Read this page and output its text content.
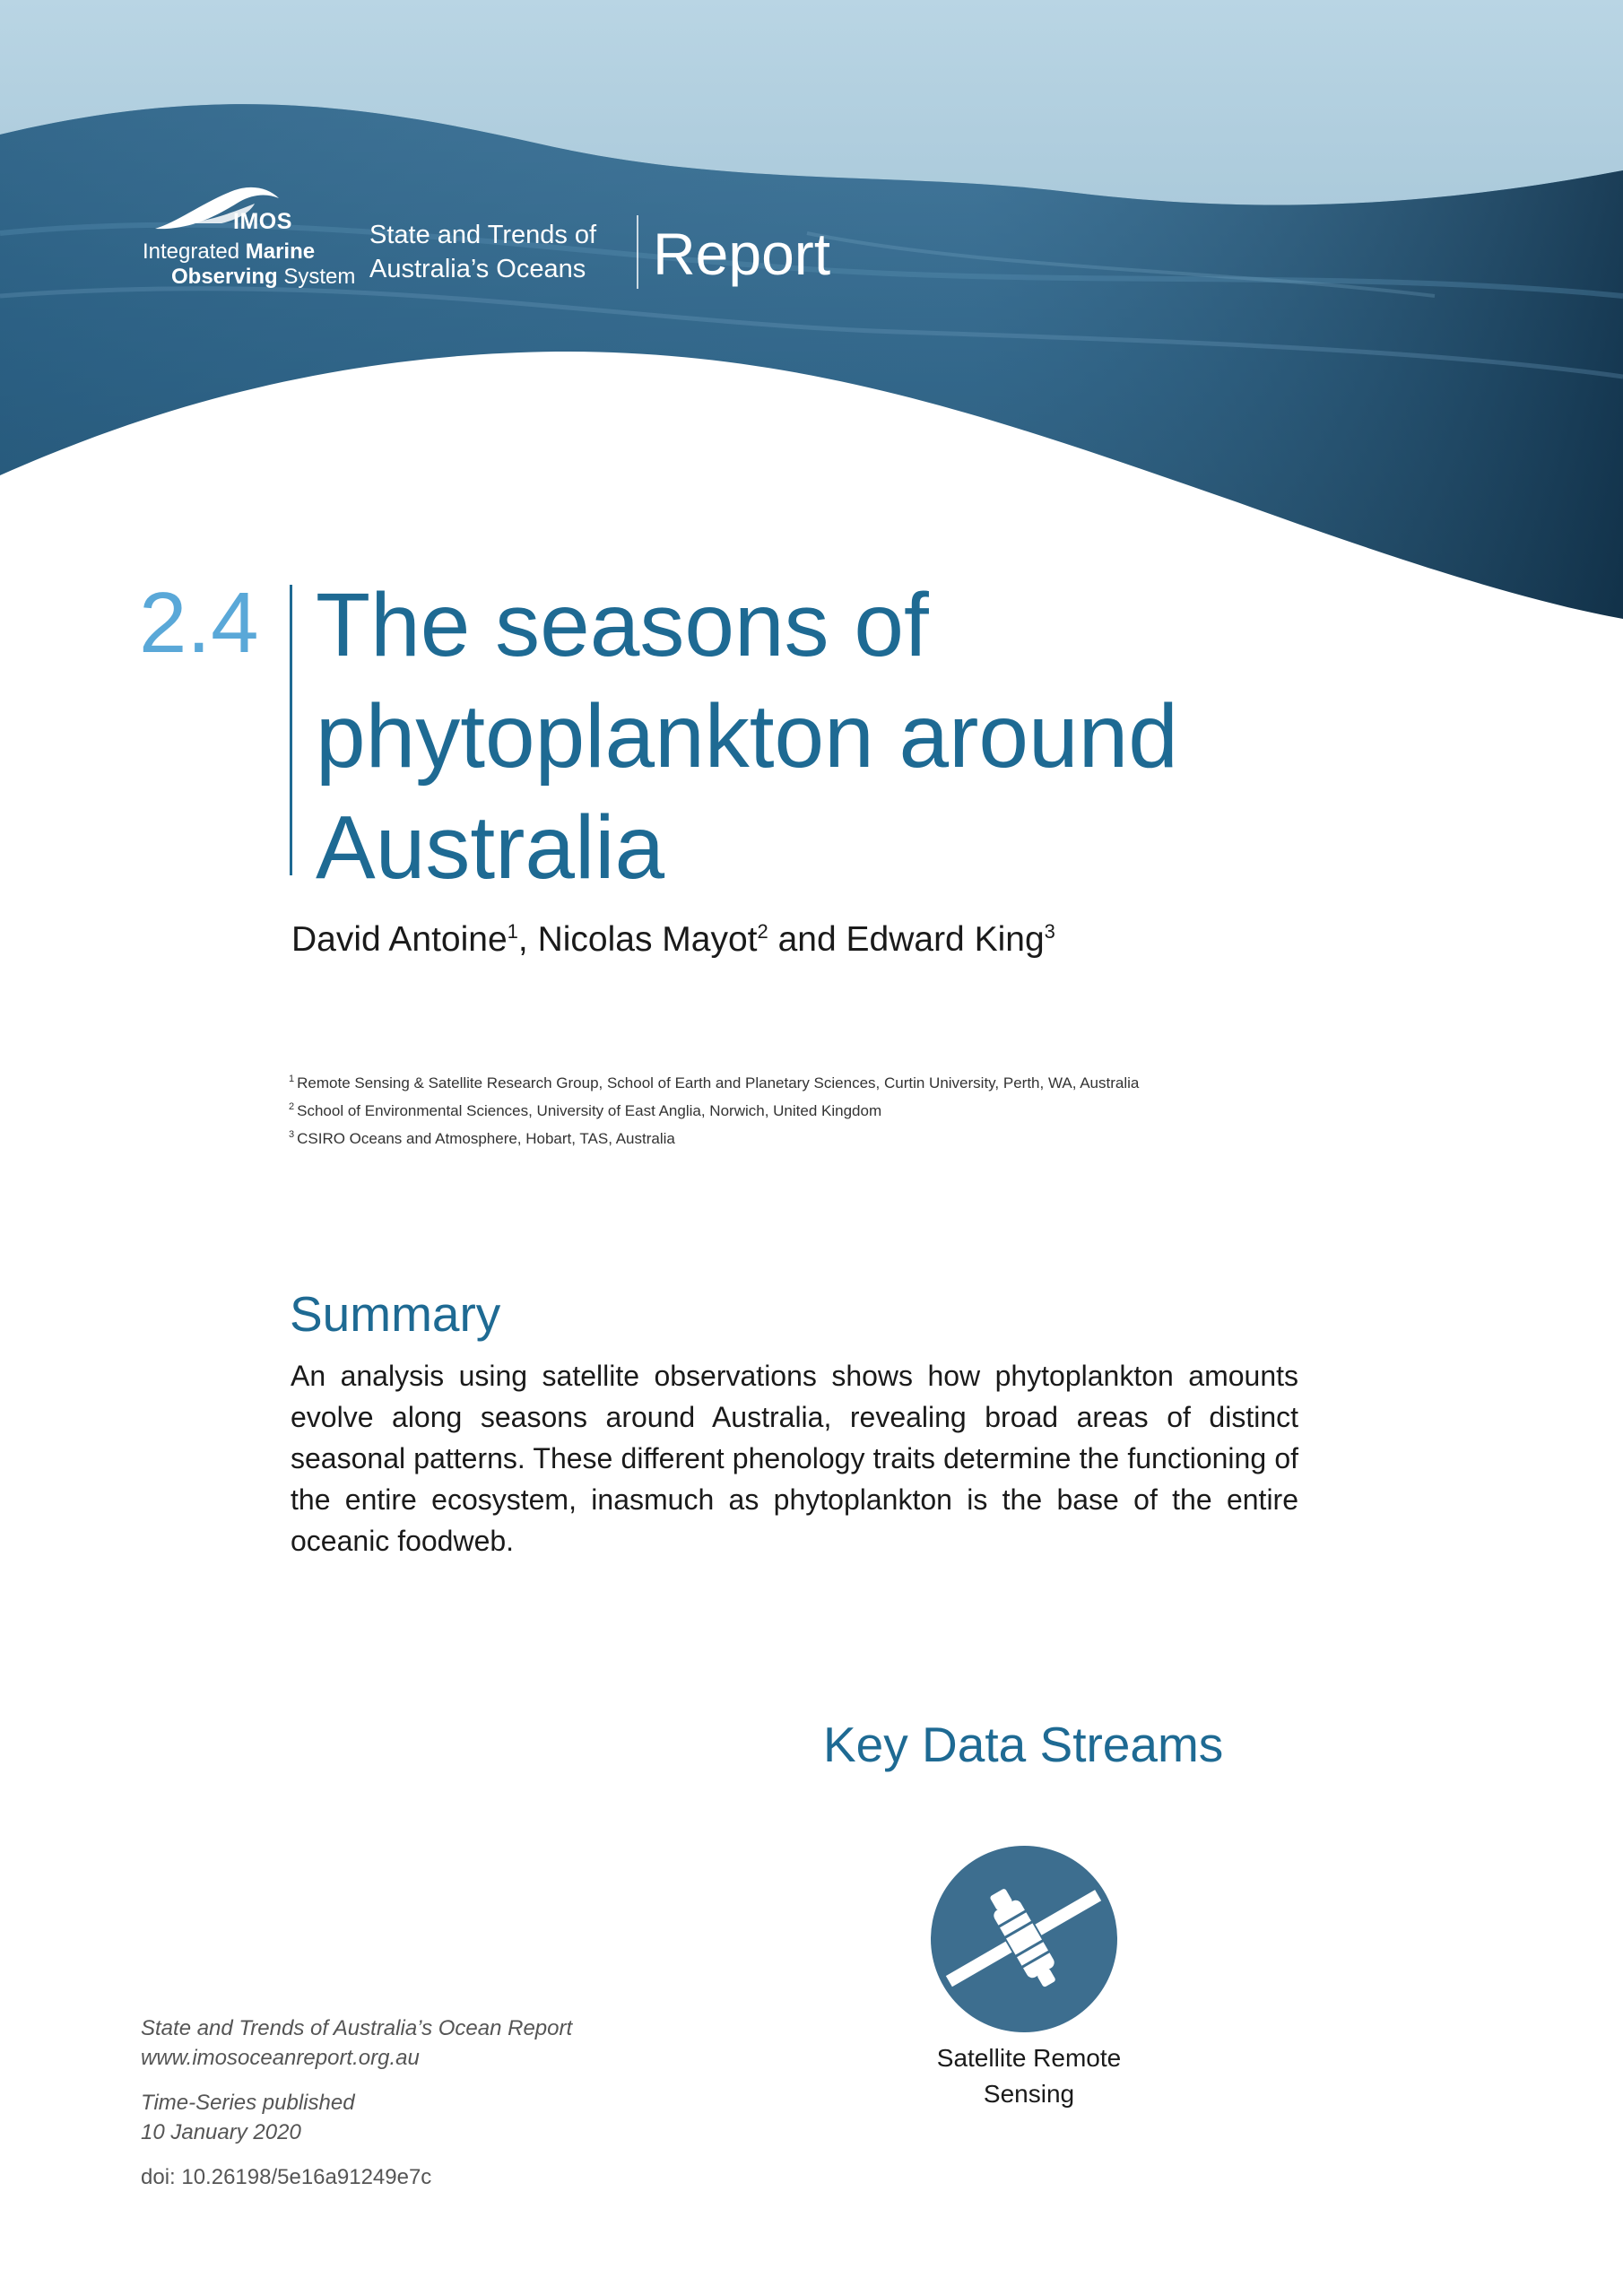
IMOS
Integrated Marine
Observing System
State and Trends of
Australia’s Oceans Report
2.4 The seasons of
phytoplankton around
Australia
David Antoine$^1$, Nicolas Mayot$^2$ and Edward King$^3$
$^1$ Remote Sensing & Satellite Research Group, School of Earth and Planetary Sciences, Curtin University, Perth, WA, Australia
$^2$ School of Environmental Sciences, University of East Anglia, Norwich, United Kingdom
$^3$ CSIRO Oceans and Atmosphere, Hobart, TAS, Australia
Summary
An analysis using satellite observations shows how phytoplankton amounts evolve along seasons around Australia, revealing broad areas of distinct seasonal patterns. These different phenology traits determine the functioning of the entire ecosystem, inasmuch as phytoplankton is the base of the entire oceanic foodweb.
Key Data Streams
Satellite Remote
Sensing
State and Trends of Australia’s Ocean Report
www.imosoceanreport.org.au
Time-Series published
10 January 2020
doi: 10.26198/5e16a91249e7c
